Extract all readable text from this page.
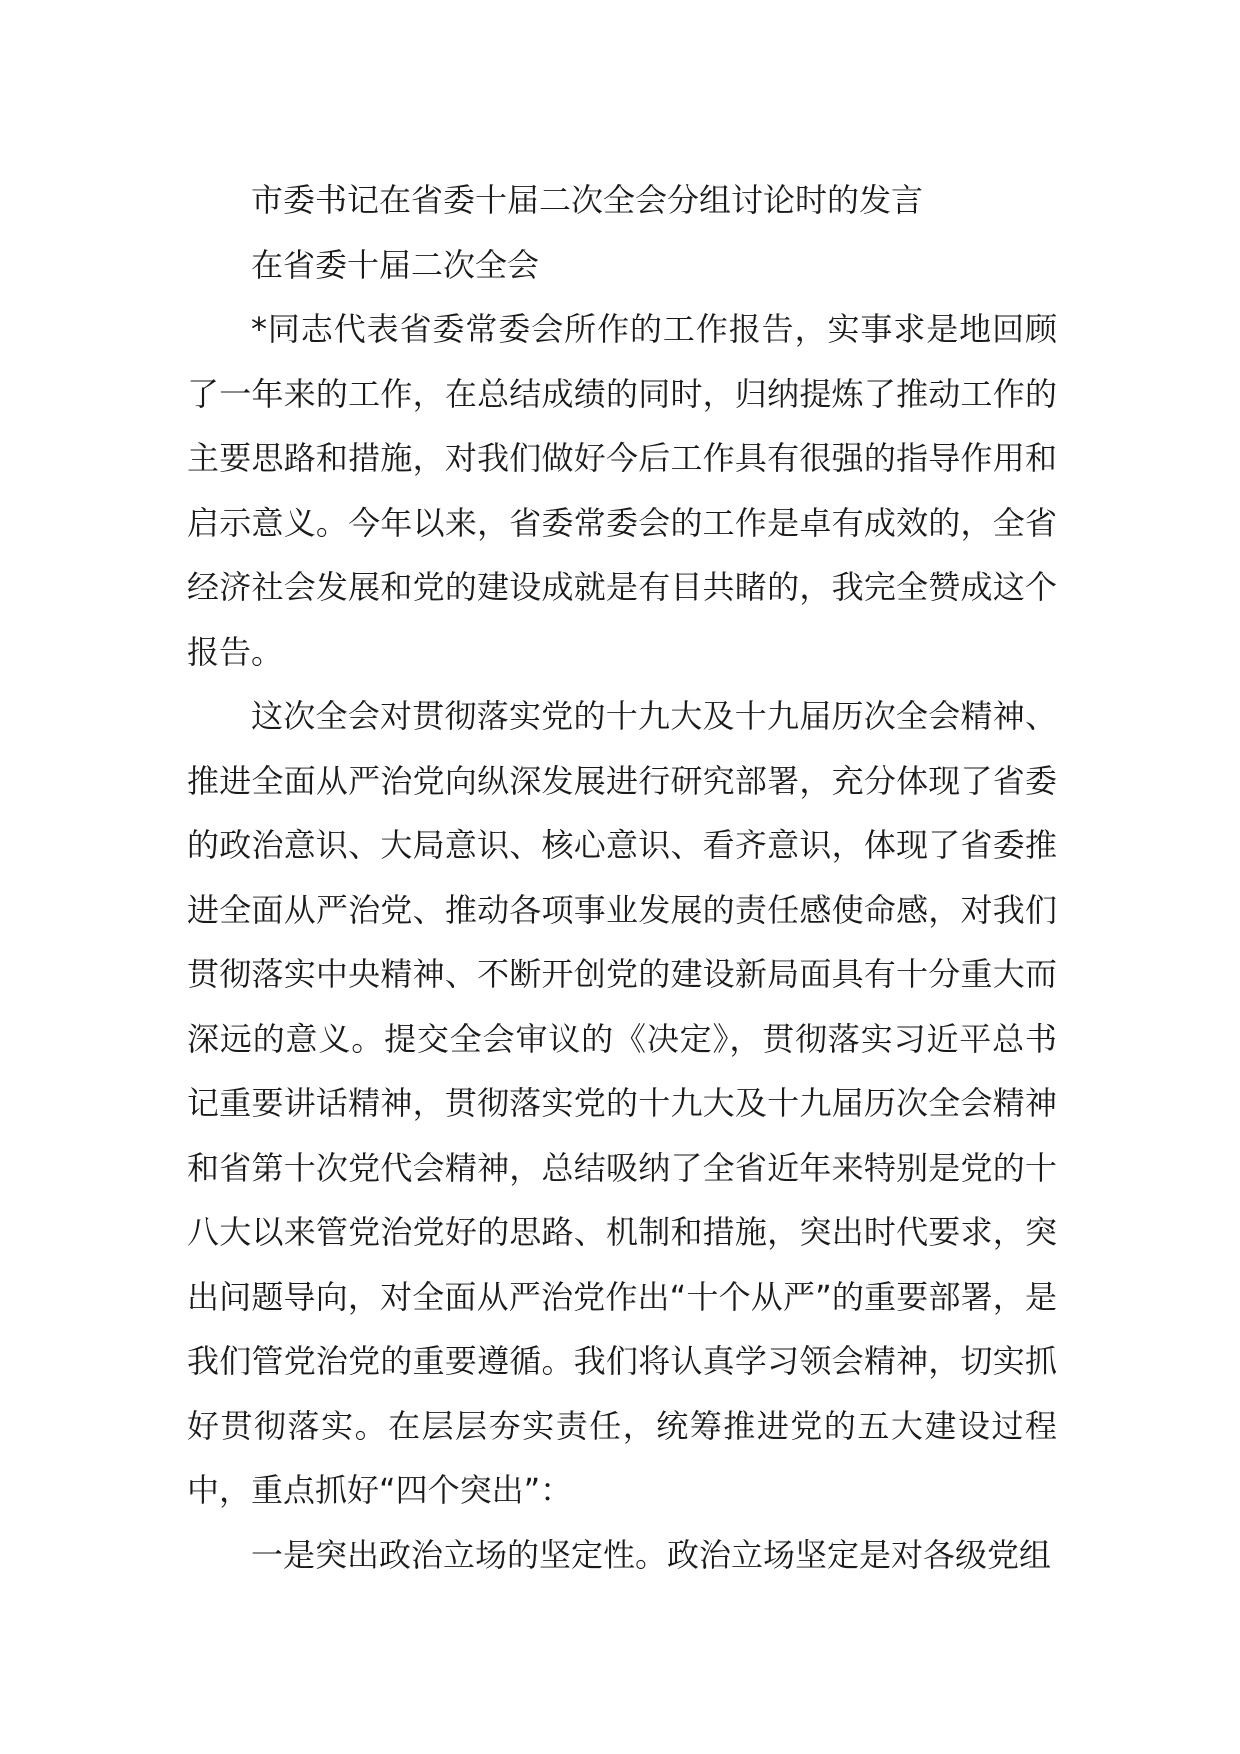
市委书记在省委十届二次全会分组讨论时的发言

在省委十届二次全会

*同志代表省委常委会所作的工作报告，实事求是地回顾了一年来的工作，在总结成绩的同时，归纳提炼了推动工作的主要思路和措施，对我们做好今后工作具有很强的指导作用和启示意义。今年以来，省委常委会的工作是卓有成效的，全省经济社会发展和党的建设成就是有目共睹的，我完全赞成这个报告。

这次全会对贯彻落实党的十九大及十九届历次全会精神、推进全面从严治党向纵深发展进行研究部署，充分体现了省委的政治意识、大局意识、核心意识、看齐意识，体现了省委推进全面从严治党、推动各项事业发展的责任感使命感，对我们贯彻落实中央精神、不断开创党的建设新局面具有十分重大而深远的意义。提交全会审议的《决定》，贯彻落实习近平总书记重要讲话精神，贯彻落实党的十九大及十九届历次全会精神和省第十次党代会精神，总结吸纳了全省近年来特别是党的十八大以来管党治党好的思路、机制和措施，突出时代要求，突出问题导向，对全面从严治党作出“十个从严”的重要部署，是我们管党治党的重要遵循。我们将认真学习领会精神，切实抓好贯彻落实。在层层夯实责任，统筹推进党的五大建设过程中，重点抓好“四个突出”：

一是突出政治立场的坚定性。政治立场坚定是对各级党组
